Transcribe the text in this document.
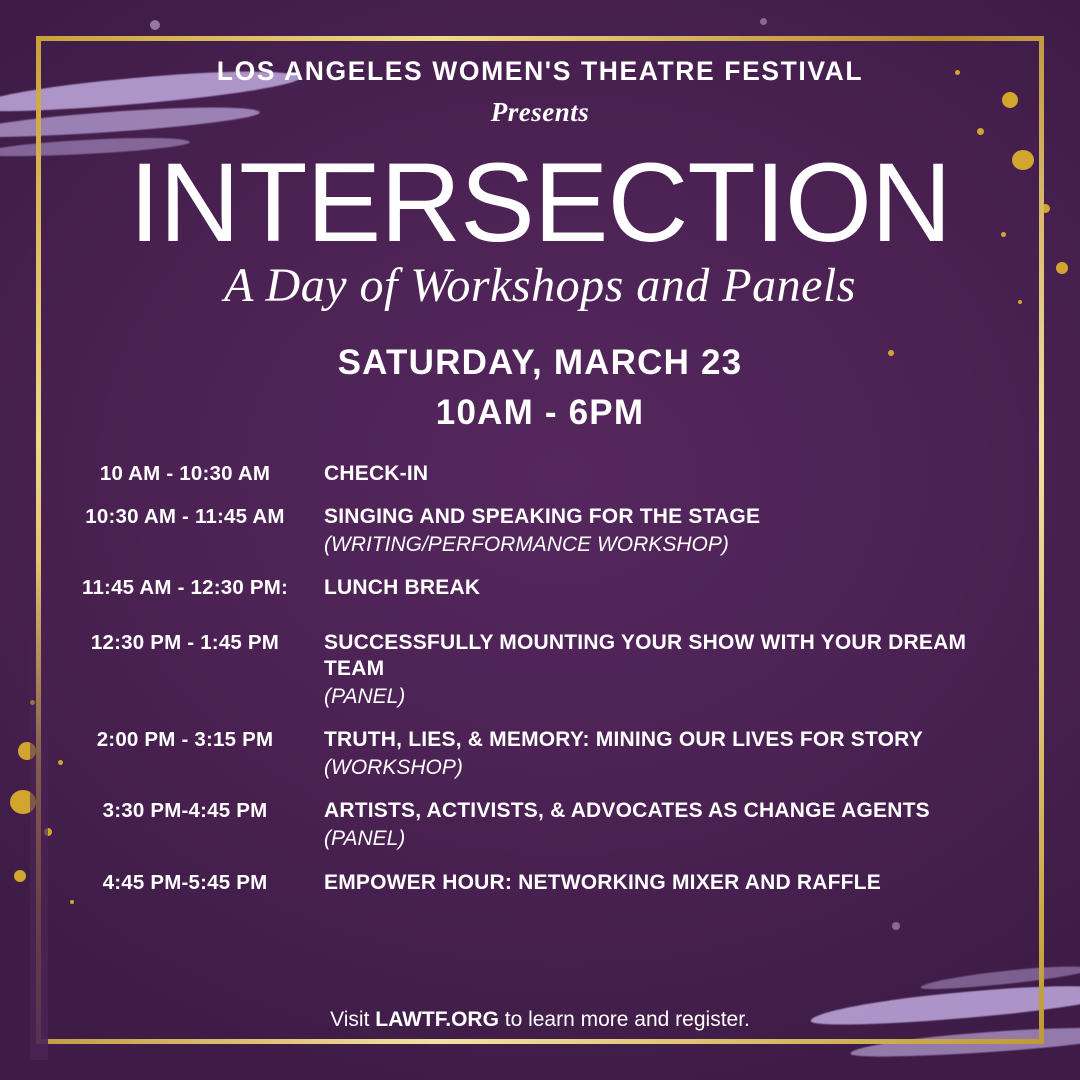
LOS ANGELES WOMEN'S THEATRE FESTIVAL
Presents
INTERSECTION
A Day of Workshops and Panels
SATURDAY, MARCH 23
10AM - 6PM
10 AM - 10:30 AM	CHECK-IN
10:30 AM - 11:45 AM	SINGING AND SPEAKING FOR THE STAGE
(WRITING/PERFORMANCE WORKSHOP)
11:45 AM - 12:30 PM:	LUNCH BREAK
12:30 PM - 1:45 PM	SUCCESSFULLY MOUNTING YOUR SHOW WITH YOUR DREAM TEAM
(PANEL)
2:00 PM - 3:15 PM	TRUTH, LIES, & MEMORY: MINING OUR LIVES FOR STORY
(WORKSHOP)
3:30 PM-4:45 PM	ARTISTS, ACTIVISTS, & ADVOCATES AS CHANGE AGENTS
(PANEL)
4:45 PM-5:45 PM	EMPOWER HOUR: NETWORKING MIXER AND RAFFLE
Visit LAWTF.ORG to learn more and register.
